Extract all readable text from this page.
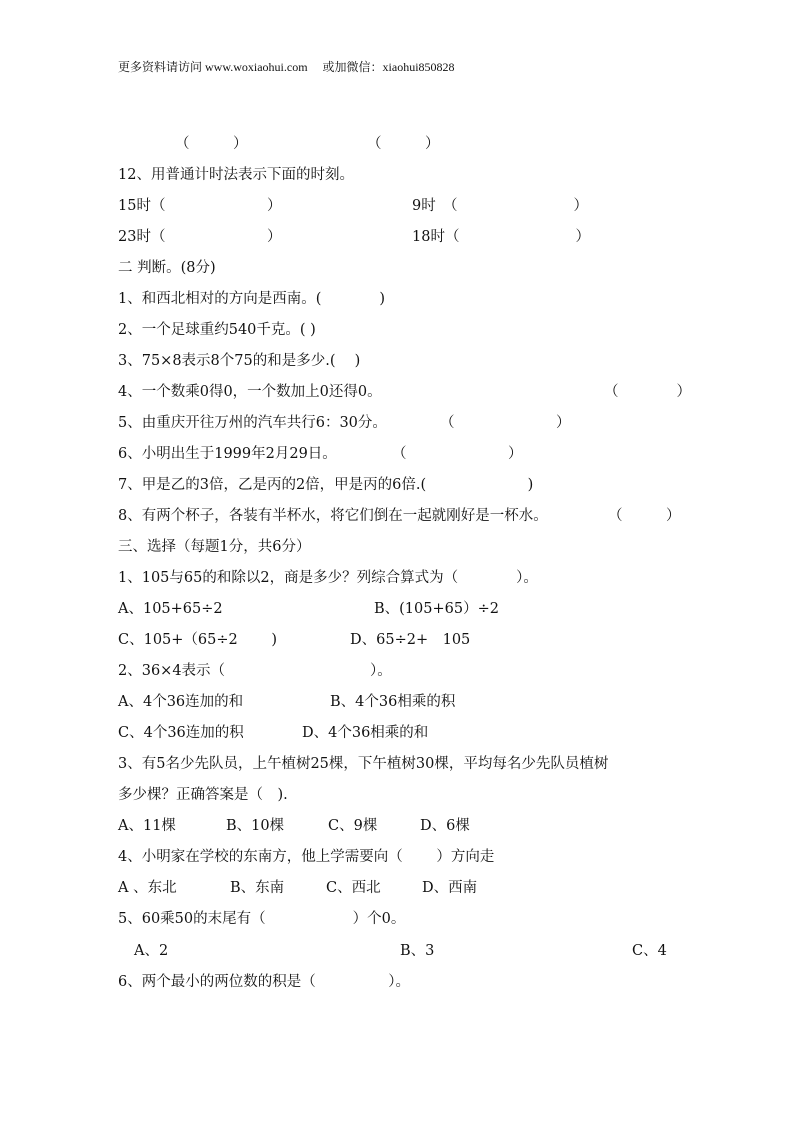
更多资料请访问 www.woxiaohui.com　 或加微信：xiaohui850828
（　　　）	（　　　）
12、用普通计时法表示下面的时刻。
15时（　　　　　　　）	9时　（　　　　　　　　）
23时（　　　　　　　）	18时（　　　　　　　　）
二 判断。(8分)
1、和西北相对的方向是西南。(　　　　)
2、一个足球重约540千克。( )
3、75×8表示8个75的和是多少.(　 )
4、一个数乘0得0，一个数加上0还得0。	（　　　　）
5、由重庆开往万州的汽车共行6：30分。	（　　　　　　　）
6、小明出生于1999年2月29日。	（　　　　　　　）
7、甲是乙的3倍，乙是丙的2倍，甲是丙的6倍.(　　　　　　　)
8、有两个杯子，各装有半杯水，将它们倒在一起就刚好是一杯水。	（　　　）
三、选择（每题1分，共6分）
1、105与65的和除以2，商是多少？列综合算式为（　　　　）。
A、105+65÷2	B、(105+65）÷2
C、105+（65÷2　　 )	D、65÷2+　105
2、36×4表示（　　　　　　　　　　）。
A、4个36连加的和	B、4个36相乘的积
C、4个36连加的积	D、4个36相乘的和
3、有5名少先队员，上午植树25棵，下午植树30棵，平均每名少先队员植树
多少棵？正确答案是（　).
A、11棵	B、10棵	C、9棵	D、6棵
4、小明家在学校的东南方，他上学需要向（　　 ）方向走
A 、东北	B、东南	C、西北	D、西南
5、60乘50的末尾有（　　　　　　）个0。
A、2	B、3	C、4
6、两个最小的两位数的积是（　　　　　）。
